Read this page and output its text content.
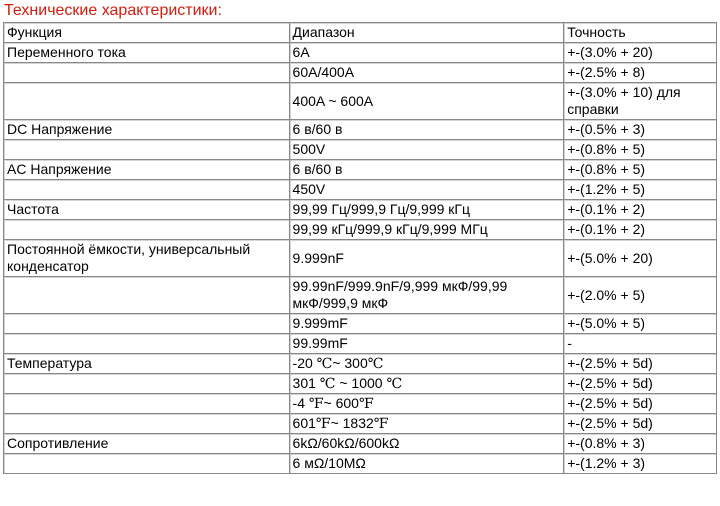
Технические характеристики:
Функция	Диапазон	Точность
Переменного тока	6A	+-(3.0% + 20)
	60A/400A	+-(2.5% + 8)
	400A ~ 600A	+-(3.0% + 10) для справки
DC Напряжение	6 в/60 в	+-(0.5% + 3)
	500V	+-(0.8% + 5)
AC Напряжение	6 в/60 в	+-(0.8% + 5)
	450V	+-(1.2% + 5)
Частота	99,99 Гц/999,9 Гц/9,999 кГц	+-(0.1% + 2)
	99,99 кГц/999,9 кГц/9,999 МГц	+-(0.1% + 2)
Постоянной ёмкости, универсальный конденсатор	9.999nF	+-(5.0% + 20)
	99.99nF/999.9nF/9,999 мкФ/99,99 мкФ/999,9 мкФ	+-(2.0% + 5)
	9.999mF	+-(5.0% + 5)
	99.99mF	-
Температура	-20 ℃~ 300℃	+-(2.5% + 5d)
	301 ℃ ~ 1000 ℃	+-(2.5% + 5d)
	-4 ℉~ 600℉	+-(2.5% + 5d)
	601℉~ 1832℉	+-(2.5% + 5d)
Сопротивление	6kΩ/60kΩ/600kΩ	+-(0.8% + 3)
	6 мΩ/10MΩ	+-(1.2% + 3)
